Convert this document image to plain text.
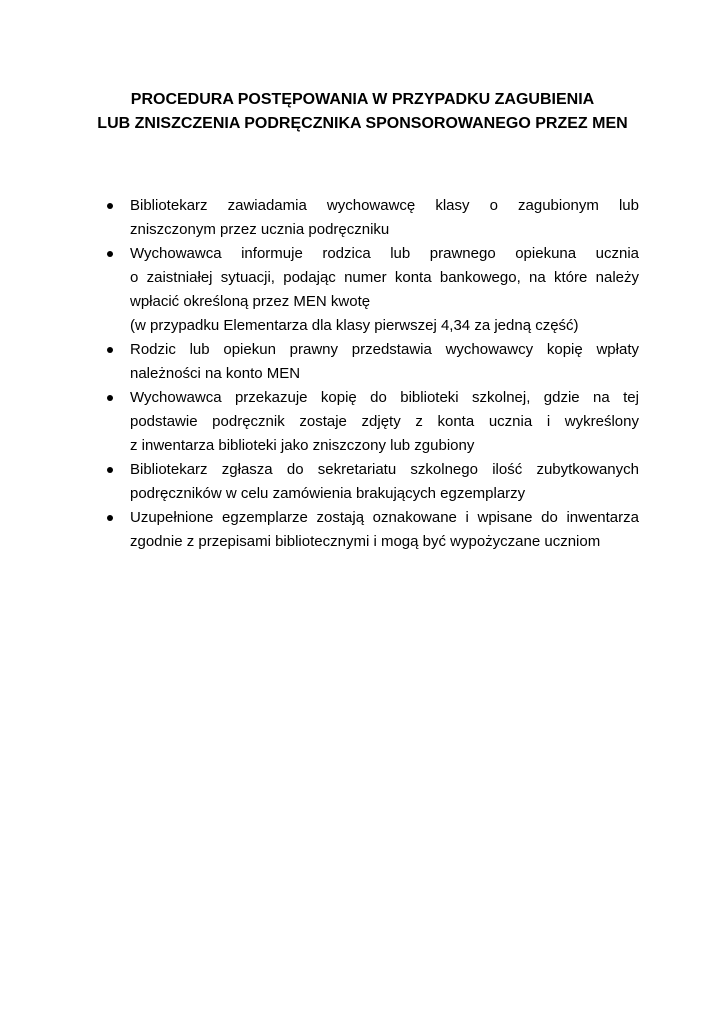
PROCEDURA POSTĘPOWANIA W PRZYPADKU ZAGUBIENIA
LUB ZNISZCZENIA PODRĘCZNIKA SPONSOROWANEGO PRZEZ MEN
Bibliotekarz zawiadamia wychowawcę klasy o zagubionym lub
zniszczonym przez ucznia podręczniku
Wychowawca informuje rodzica lub prawnego opiekuna ucznia
o zaistniałej sytuacji, podając numer konta bankowego, na które należy
wpłacić określoną przez MEN kwotę
(w przypadku Elementarza dla klasy pierwszej 4,34 za jedną część)
Rodzic lub opiekun prawny przedstawia wychowawcy kopię wpłaty
należności na konto MEN
Wychowawca przekazuje kopię do biblioteki szkolnej, gdzie na tej
podstawie podręcznik zostaje zdjęty z konta ucznia i wykreślony
z inwentarza biblioteki jako zniszczony lub zgubiony
Bibliotekarz zgłasza do sekretariatu szkolnego ilość zubytkowanych
podręczników w celu zamówienia brakujących egzemplarzy
Uzupełnione egzemplarze zostają oznakowane i wpisane do inwentarza
zgodnie z przepisami bibliotecznymi i mogą być wypożyczane uczniom
